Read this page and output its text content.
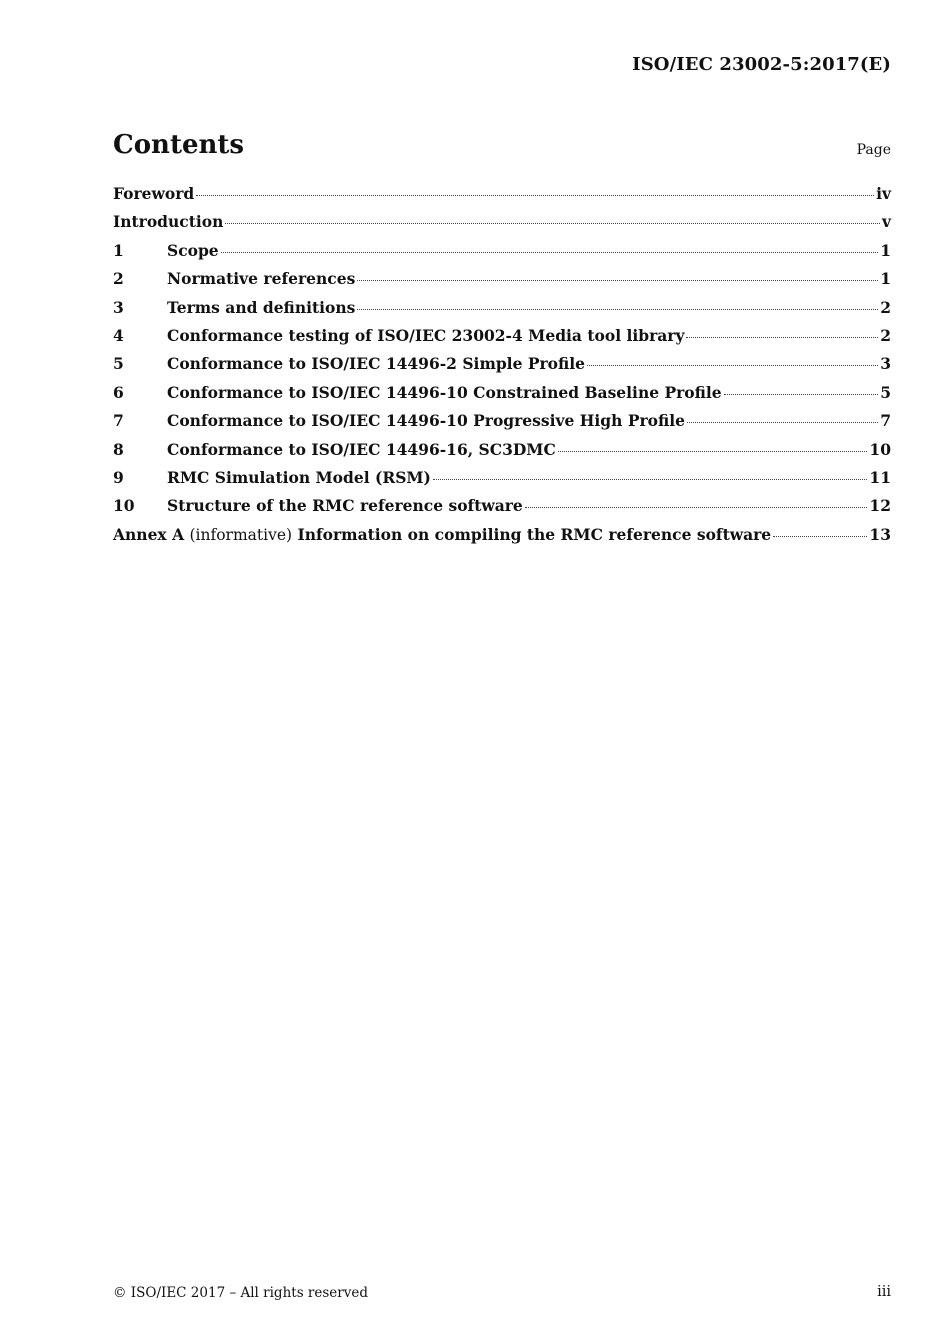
ISO/IEC 23002-5:2017(E)
Contents	Page
Foreword	iv
Introduction	v
1	Scope	1
2	Normative references	1
3	Terms and definitions	2
4	Conformance testing of ISO/IEC 23002-4 Media tool library	2
5	Conformance to ISO/IEC 14496-2 Simple Profile	3
6	Conformance to ISO/IEC 14496-10 Constrained Baseline Profile	5
7	Conformance to ISO/IEC 14496-10 Progressive High Profile	7
8	Conformance to ISO/IEC 14496-16, SC3DMC	10
9	RMC Simulation Model (RSM)	11
10	Structure of the RMC reference software	12
Annex A (informative) Information on compiling the RMC reference software	13
© ISO/IEC 2017 – All rights reserved	iii
